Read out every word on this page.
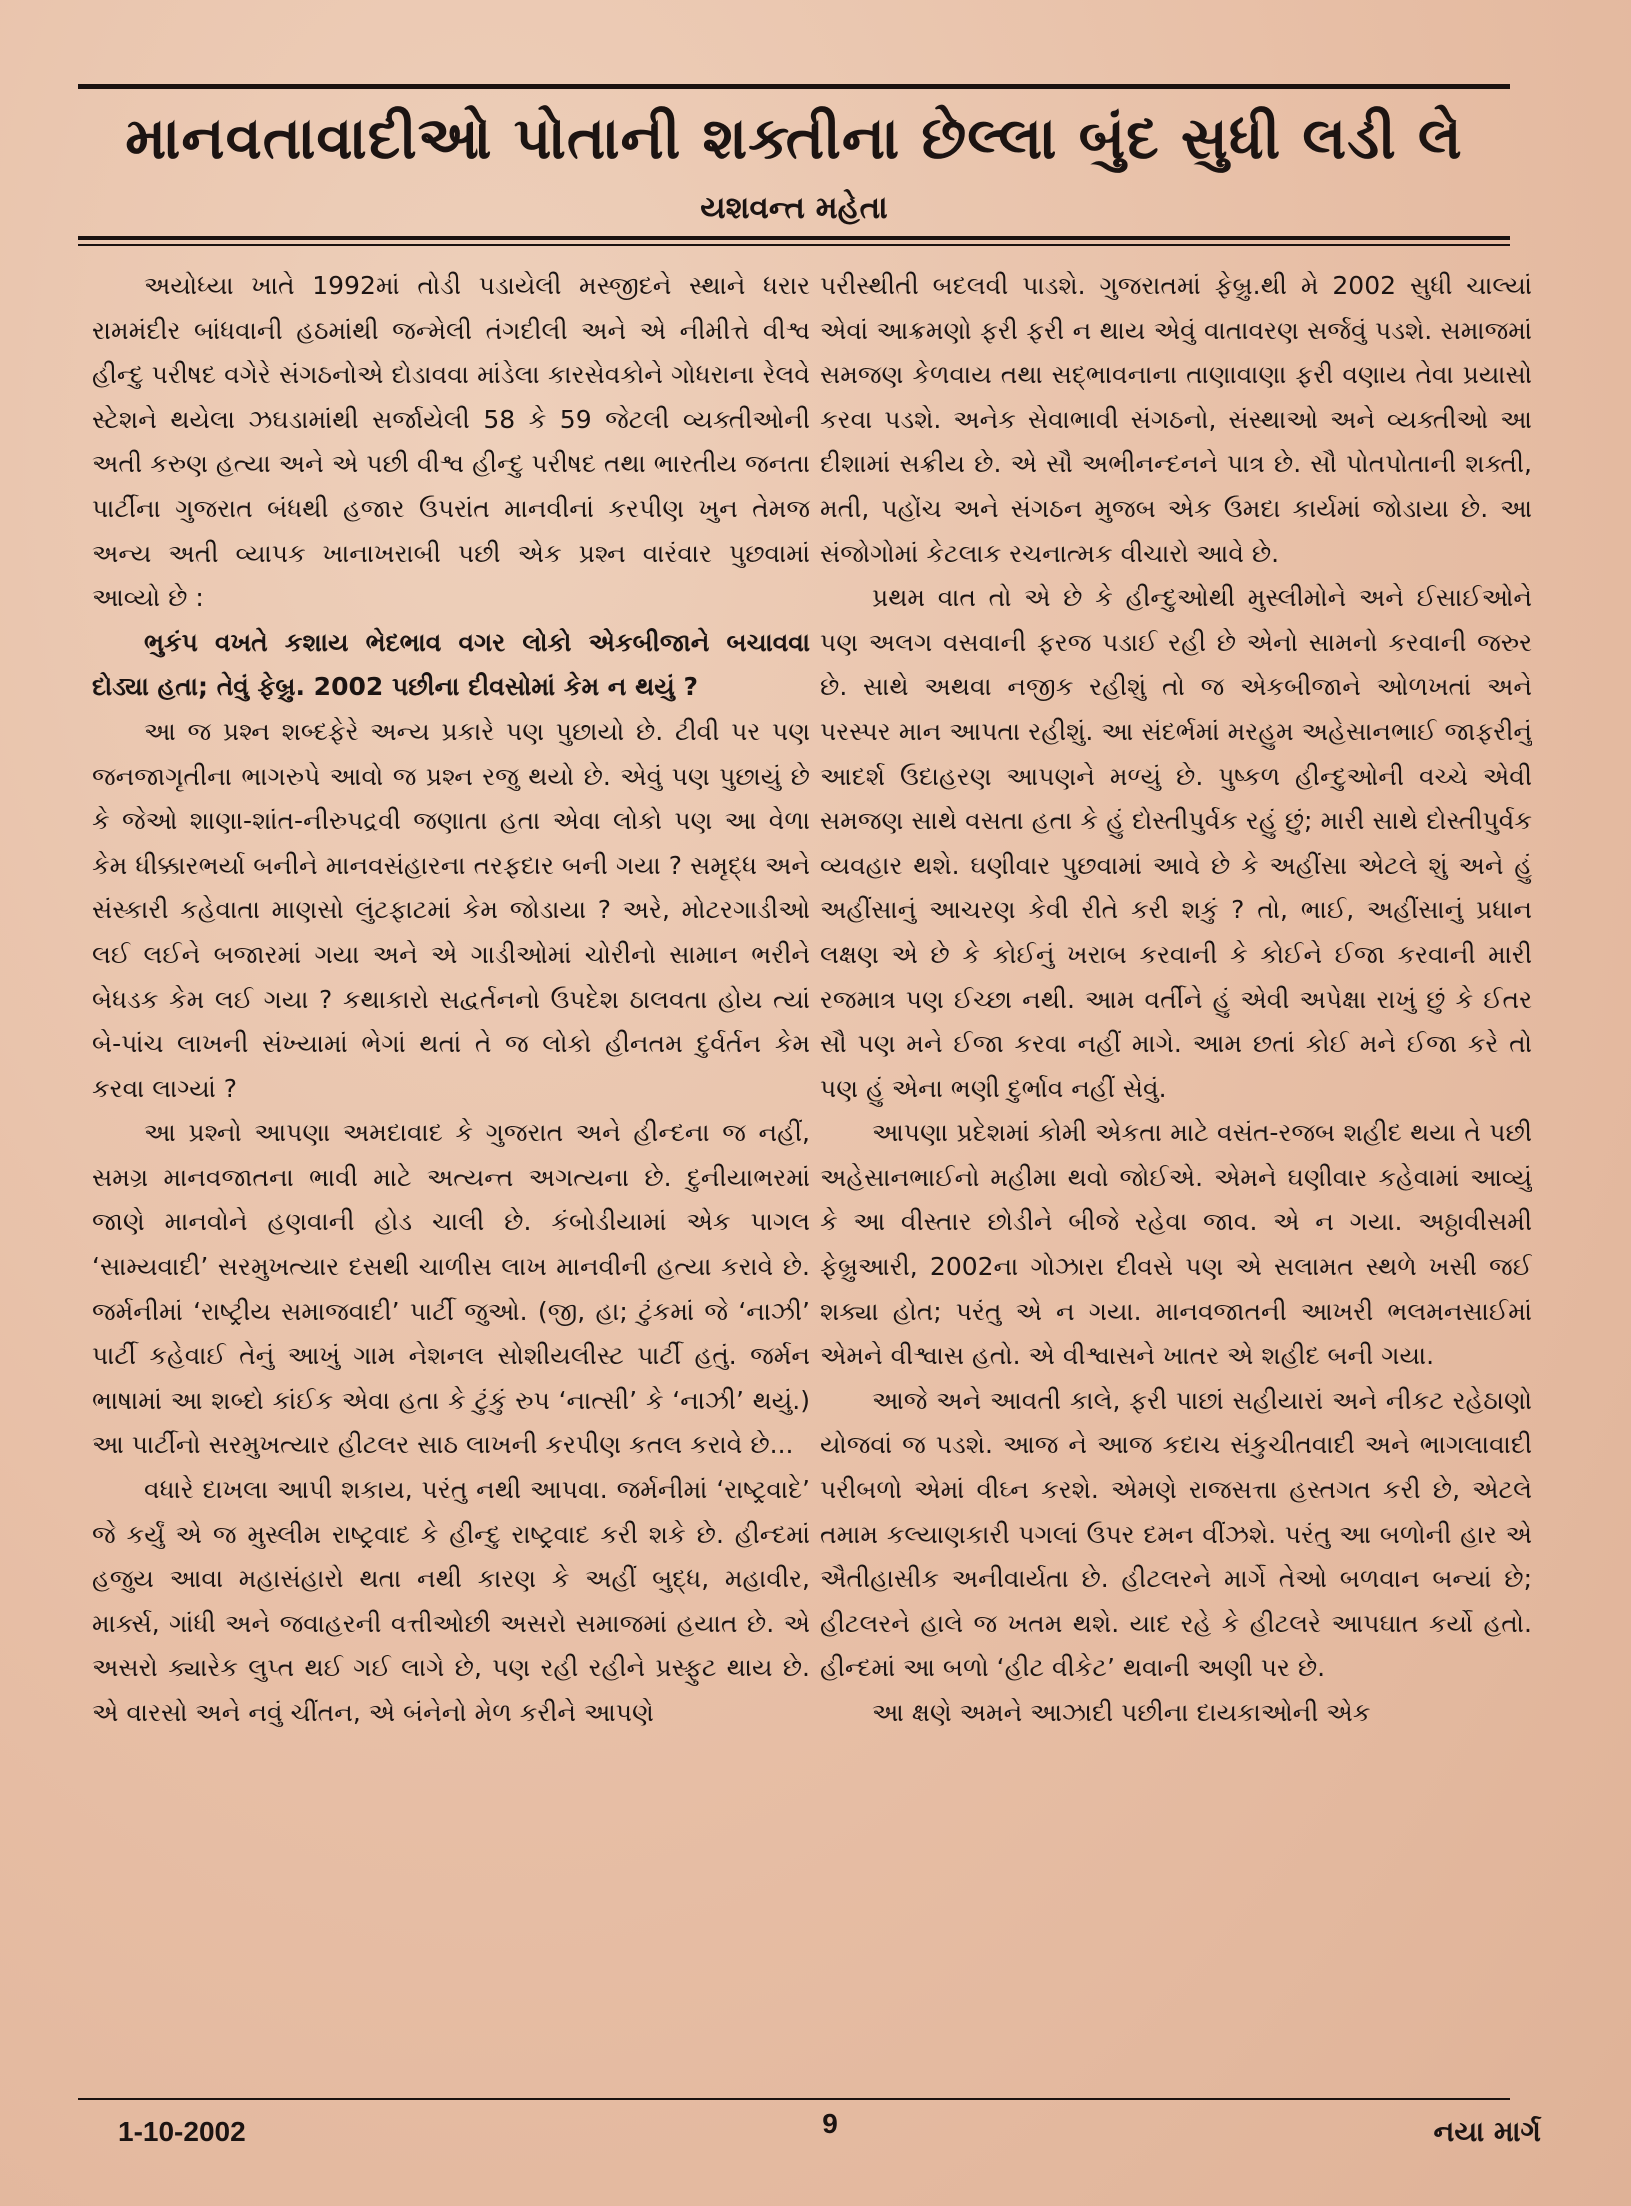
માનવતાવાદીઓ પોતાની શક્તીના છેલ્લા બુંદ સુધી લડી લે
યશવન્ત મહેતા

અયોધ્યા ખાતે 1992માં તોડી પડાયેલી મસ્જીદને સ્થાને ધરાર રામમંદીર બાંધવાની હઠમાંથી જન્મેલી તંગદીલી અને એ નીમીત્તે વીશ્વ હીન્દુ પરીષદ વગેરે સંગઠનોએ દોડાવવા માંડેલા કારસેવકોને ગોધરાના રેલવે સ્ટેશને થયેલા ઝઘડામાંથી સર્જાયેલી 58 કે 59 જેટલી વ્યક્તીઓની અતી કરુણ હત્યા અને એ પછી વીશ્વ હીન્દુ પરીષદ તથા ભારતીય જનતા પાર્ટીના ગુજરાત બંધથી હજાર ઉપરાંત માનવીનાં કરપીણ ખુન તેમજ અન્ય અતી વ્યાપક ખાનાખરાબી પછી એક પ્રશ્ન વારંવાર પુછવામાં આવ્યો છે :

ભુકંપ વખતે કશાય ભેદભાવ વગર લોકો એકબીજાને બચાવવા દોડ્યા હતા; તેવું ફેબ્રુ. 2002 પછીના દીવસોમાં કેમ ન થયું ?

આ જ પ્રશ્ન શબ્દફેરે અન્ય પ્રકારે પણ પુછાયો છે. ટીવી પર પણ જનજાગૃતીના ભાગરુપે આવો જ પ્રશ્ન રજુ થયો છે. એવું પણ પુછાયું છે કે જેઓ શાણા-શાંત-નીરુપદ્રવી જણાતા હતા એવા લોકો પણ આ વેળા કેમ ધીક્કારભર્યા બનીને માનવસંહારના તરફદાર બની ગયા ? સમૃદ્ધ અને સંસ્કારી કહેવાતા માણસો લુંટફાટમાં કેમ જોડાયા ? અરે, મોટરગાડીઓ લઈ લઈને બજારમાં ગયા અને એ ગાડીઓમાં ચોરીનો સામાન ભરીને બેધડક કેમ લઈ ગયા ? કથાકારો સદ્વર્તનનો ઉપદેશ ઠાલવતા હોય ત્યાં બે-પાંચ લાખની સંખ્યામાં ભેગાં થતાં તે જ લોકો હીનતમ દુર્વર્તન કેમ કરવા લાગ્યાં ?

આ પ્રશ્નો આપણા અમદાવાદ કે ગુજરાત અને હીન્દના જ નહીં, સમગ્ર માનવજાતના ભાવી માટે અત્યન્ત અગત્યના છે. દુનીયાભરમાં જાણે માનવોને હણવાની હોડ ચાલી છે. કંબોડીયામાં એક પાગલ ‘સામ્યવાદી’ સરમુખત્યાર દસથી ચાળીસ લાખ માનવીની હત્યા કરાવે છે. જર્મનીમાં ‘રાષ્ટ્રીય સમાજવાદી’ પાર્ટી જુઓ. (જી, હા; ટુંકમાં જે ‘નાઝી’ પાર્ટી કહેવાઈ તેનું આખું ગામ નેશનલ સોશીયલીસ્ટ પાર્ટી હતું. જર્મન ભાષામાં આ શબ્દો કાંઈક એવા હતા કે ટુંકું રુપ ‘નાત્સી’ કે ‘નાઝી’ થયું.) આ પાર્ટીનો સરમુખત્યાર હીટલર સાઠ લાખની કરપીણ કતલ કરાવે છે...

વધારે દાખલા આપી શકાય, પરંતુ નથી આપવા. જર્મનીમાં ‘રાષ્ટ્રવાદે’ જે કર્યું એ જ મુસ્લીમ રાષ્ટ્રવાદ કે હીન્દુ રાષ્ટ્રવાદ કરી શકે છે. હીન્દમાં હજુય આવા મહાસંહારો થતા નથી કારણ કે અહીં બુદ્ધ, મહાવીર, માર્ક્સ, ગાંધી અને જવાહરની વત્તીઓછી અસરો સમાજમાં હયાત છે. એ અસરો ક્યારેક લુપ્ત થઈ ગઈ લાગે છે, પણ રહી રહીને પ્રસ્ફુટ થાય છે. એ વારસો અને નવું ચીંતન, એ બંનેનો મેળ કરીને આપણે

પરીસ્થીતી બદલવી પાડશે. ગુજરાતમાં ફેબ્રુ.થી મે 2002 સુધી ચાલ્યાં એવાં આક્રમણો ફરી ફરી ન થાય એવું વાતાવરણ સર્જવું પડશે. સમાજમાં સમજણ કેળવાય તથા સદ્ભાવનાના તાણાવાણા ફરી વણાય તેવા પ્રયાસો કરવા પડશે. અનેક સેવાભાવી સંગઠનો, સંસ્થાઓ અને વ્યક્તીઓ આ દીશામાં સક્રીય છે. એ સૌ અભીનન્દનને પાત્ર છે. સૌ પોતપોતાની શક્તી, મતી, પહોંચ અને સંગઠન મુજબ એક ઉમદા કાર્યમાં જોડાયા છે. આ સંજોગોમાં કેટલાક રચનાત્મક વીચારો આવે છે.

પ્રથમ વાત તો એ છે કે હીન્દુઓથી મુસ્લીમોને અને ઈસાઈઓને પણ અલગ વસવાની ફરજ પડાઈ રહી છે એનો સામનો કરવાની જરુર છે. સાથે અથવા નજીક રહીશું તો જ એકબીજાને ઓળખતાં અને પરસ્પર માન આપતા રહીશું. આ સંદર્ભમાં મરહુમ અહેસાનભાઈ જાફરીનું આદર્શ ઉદાહરણ આપણને મળ્યું છે. પુષ્કળ હીન્દુઓની વચ્ચે એવી સમજણ સાથે વસતા હતા કે હું દોસ્તીપુર્વક રહું છું; મારી સાથે દોસ્તીપુર્વક વ્યવહાર થશે. ઘણીવાર પુછવામાં આવે છે કે અહીંસા એટલે શું અને હું અહીંસાનું આચરણ કેવી રીતે કરી શકું ? તો, ભાઈ, અહીંસાનું પ્રધાન લક્ષણ એ છે કે કોઈનું ખરાબ કરવાની કે કોઈને ઈજા કરવાની મારી રજમાત્ર પણ ઈચ્છા નથી. આમ વર્તીને હું એવી અપેક્ષા રાખું છું કે ઈતર સૌ પણ મને ઈજા કરવા નહીં માગે. આમ છતાં કોઈ મને ઈજા કરે તો પણ હું એના ભણી દુર્ભાવ નહીં સેવું.

આપણા પ્રદેશમાં કોમી એકતા માટે વસંત-રજબ શહીદ થયા તે પછી અહેસાનભાઈનો મહીમા થવો જોઈએ. એમને ઘણીવાર કહેવામાં આવ્યું કે આ વીસ્તાર છોડીને બીજે રહેવા જાવ. એ ન ગયા. અઠ્ઠાવીસમી ફેબ્રુઆરી, 2002ના ગોઝારા દીવસે પણ એ સલામત સ્થળે ખસી જઈ શક્યા હોત; પરંતુ એ ન ગયા. માનવજાતની આખરી ભલમનસાઈમાં એમને વીશ્વાસ હતો. એ વીશ્વાસને ખાતર એ શહીદ બની ગયા.

આજે અને આવતી કાલે, ફરી પાછાં સહીયારાં અને નીકટ રહેઠાણો યોજવાં જ પડશે. આજ ને આજ કદાચ સંકુચીતવાદી અને ભાગલાવાદી પરીબળો એમાં વીઘ્ન કરશે. એમણે રાજસત્તા હસ્તગત કરી છે, એટલે તમામ કલ્યાણકારી પગલાં ઉપર દમન વીંઝશે. પરંતુ આ બળોની હાર એ ઐતીહાસીક અનીવાર્યતા છે. હીટલરને માર્ગે તેઓ બળવાન બન્યાં છે; હીટલરને હાલે જ ખતમ થશે. યાદ રહે કે હીટલરે આપઘાત કર્યો હતો. હીન્દમાં આ બળો ‘હીટ વીકેટ’ થવાની અણી પર છે.

આ ક્ષણે અમને આઝાદી પછીના દાયકાઓની એક

1-10-2002	9	નયા માર્ગ
